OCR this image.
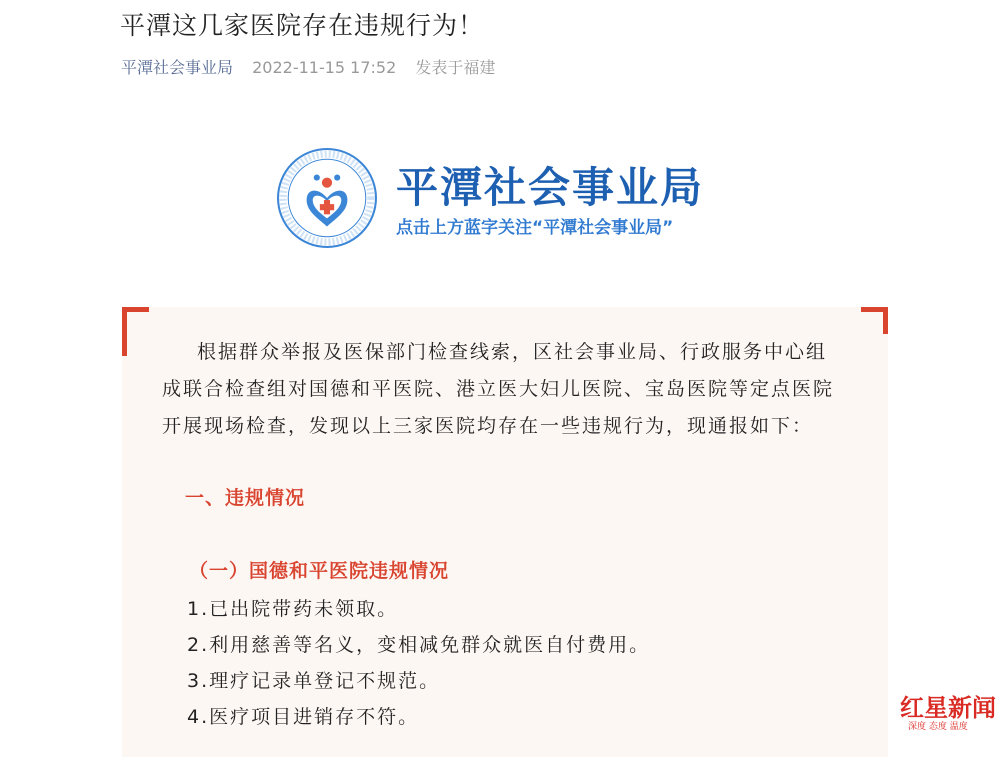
平潭这几家医院存在违规行为！
平潭社会事业局 2022-11-15 17:52 发表于福建
平潭社会事业局
点击上方蓝字关注“平潭社会事业局”
根据群众举报及医保部门检查线索，区社会事业局、行政服务中心组
成联合检查组对国德和平医院、港立医大妇儿医院、宝岛医院等定点医院
开展现场检查，发现以上三家医院均存在一些违规行为，现通报如下：
一、违规情况
（一）国德和平医院违规情况
1.已出院带药未领取。
2.利用慈善等名义，变相减免群众就医自付费用。
3.理疗记录单登记不规范。
4.医疗项目进销存不符。	红星新闻
深度 态度 温度
